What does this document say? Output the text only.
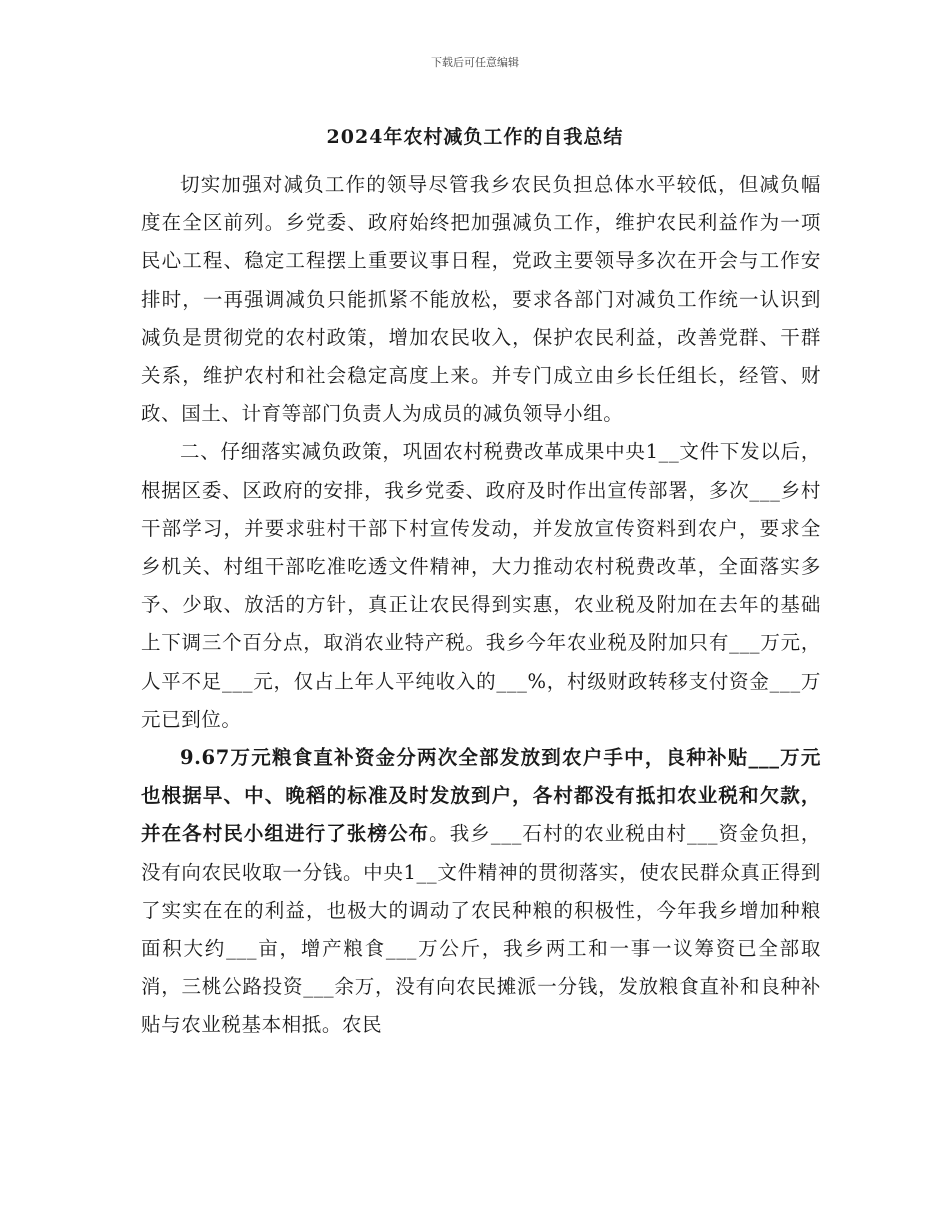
下载后可任意编辑
2024年农村减负工作的自我总结

切实加强对减负工作的领导尽管我乡农民负担总体水平较低，但减负幅度在全区前列。乡党委、政府始终把加强减负工作，维护农民利益作为一项民心工程、稳定工程摆上重要议事日程，党政主要领导多次在开会与工作安排时，一再强调减负只能抓紧不能放松，要求各部门对减负工作统一认识到减负是贯彻党的农村政策，增加农民收入，保护农民利益，改善党群、干群关系，维护农村和社会稳定高度上来。并专门成立由乡长任组长，经管、财政、国土、计育等部门负责人为成员的减负领导小组。

二、仔细落实减负政策，巩固农村税费改革成果中央1__文件下发以后，根据区委、区政府的安排，我乡党委、政府及时作出宣传部署，多次___乡村干部学习，并要求驻村干部下村宣传发动，并发放宣传资料到农户，要求全乡机关、村组干部吃准吃透文件精神，大力推动农村税费改革，全面落实多予、少取、放活的方针，真正让农民得到实惠，农业税及附加在去年的基础上下调三个百分点，取消农业特产税。我乡今年农业税及附加只有___万元，人平不足___元，仅占上年人平纯收入的___%，村级财政转移支付资金___万元已到位。

9.67万元粮食直补资金分两次全部发放到农户手中，良种补贴___万元也根据早、中、晚稻的标准及时发放到户，各村都没有抵扣农业税和欠款，并在各村民小组进行了张榜公布。我乡___石村的农业税由村___资金负担，没有向农民收取一分钱。中央1__文件精神的贯彻落实，使农民群众真正得到了实实在在的利益，也极大的调动了农民种粮的积极性，今年我乡增加种粮面积大约___亩，增产粮食___万公斤，我乡两工和一事一议筹资已全部取消，三桃公路投资___余万，没有向农民摊派一分钱，发放粮食直补和良种补贴与农业税基本相抵。农民
